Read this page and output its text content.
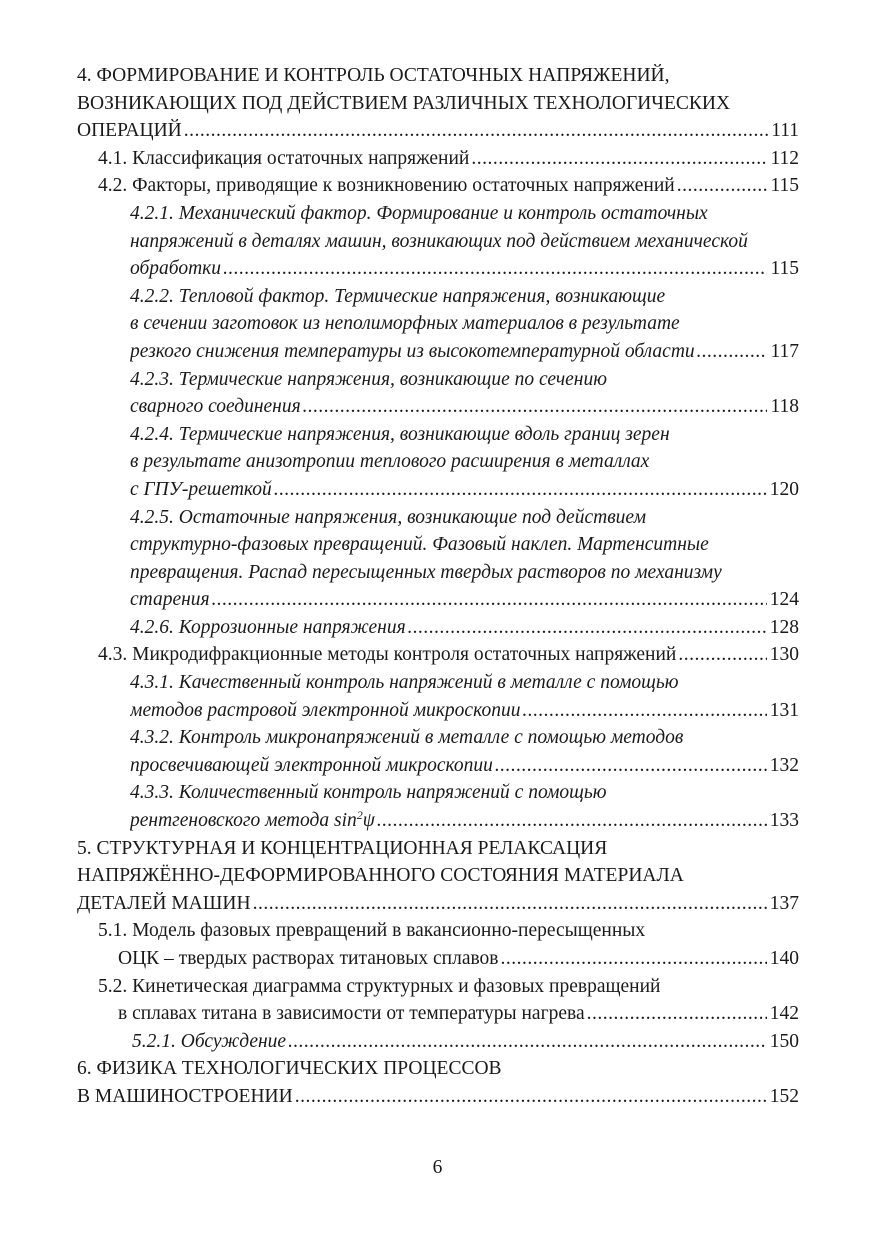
4. ФОРМИРОВАНИЕ И КОНТРОЛЬ ОСТАТОЧНЫХ НАПРЯЖЕНИЙ,
ВОЗНИКАЮЩИХ ПОД ДЕЙСТВИЕМ РАЗЛИЧНЫХ ТЕХНОЛОГИЧЕСКИХ
ОПЕРАЦИЙ .....	111
4.1. Классификация остаточных напряжений .....	112
4.2. Факторы, приводящие к возникновению остаточных напряжений .....	115
4.2.1. Механический фактор. Формирование и контроль остаточных
напряжений в деталях машин, возникающих под действием механической
обработки .....	115
4.2.2. Тепловой фактор. Термические напряжения, возникающие
в сечении заготовок из неполиморфных материалов в результате
резкого снижения температуры из высокотемпературной области .....	117
4.2.3. Термические напряжения, возникающие по сечению
сварного соединения .....	118
4.2.4. Термические напряжения, возникающие вдоль границ зерен
в результате анизотропии теплового расширения в металлах
с ГПУ-решеткой .....	120
4.2.5. Остаточные напряжения, возникающие под действием
структурно-фазовых превращений. Фазовый наклеп. Мартенситные
превращения. Распад пересыщенных твердых растворов по механизму
старения .....	124
4.2.6. Коррозионные напряжения .....	128
4.3. Микродифракционные методы контроля остаточных напряжений .....	130
4.3.1. Качественный контроль напряжений в металле с помощью
методов растровой электронной микроскопии .....	131
4.3.2. Контроль микронапряжений в металле с помощью методов
просвечивающей электронной микроскопии .....	132
4.3.3. Количественный контроль напряжений с помощью
рентгеновского метода $\sin^2\psi$ .....	133
5. СТРУКТУРНАЯ И КОНЦЕНТРАЦИОННАЯ РЕЛАКСАЦИЯ
НАПРЯЖЁННО-ДЕФОРМИРОВАННОГО СОСТОЯНИЯ МАТЕРИАЛА
ДЕТАЛЕЙ МАШИН .....	137
5.1. Модель фазовых превращений в вакансионно-пересыщенных
ОЦК – твердых растворах титановых сплавов .....	140
5.2. Кинетическая диаграмма структурных и фазовых превращений
в сплавах титана в зависимости от температуры нагрева .....	142
5.2.1. Обсуждение .....	150
6. ФИЗИКА ТЕХНОЛОГИЧЕСКИХ ПРОЦЕССОВ
В МАШИНОСТРОЕНИИ .....	152
6
